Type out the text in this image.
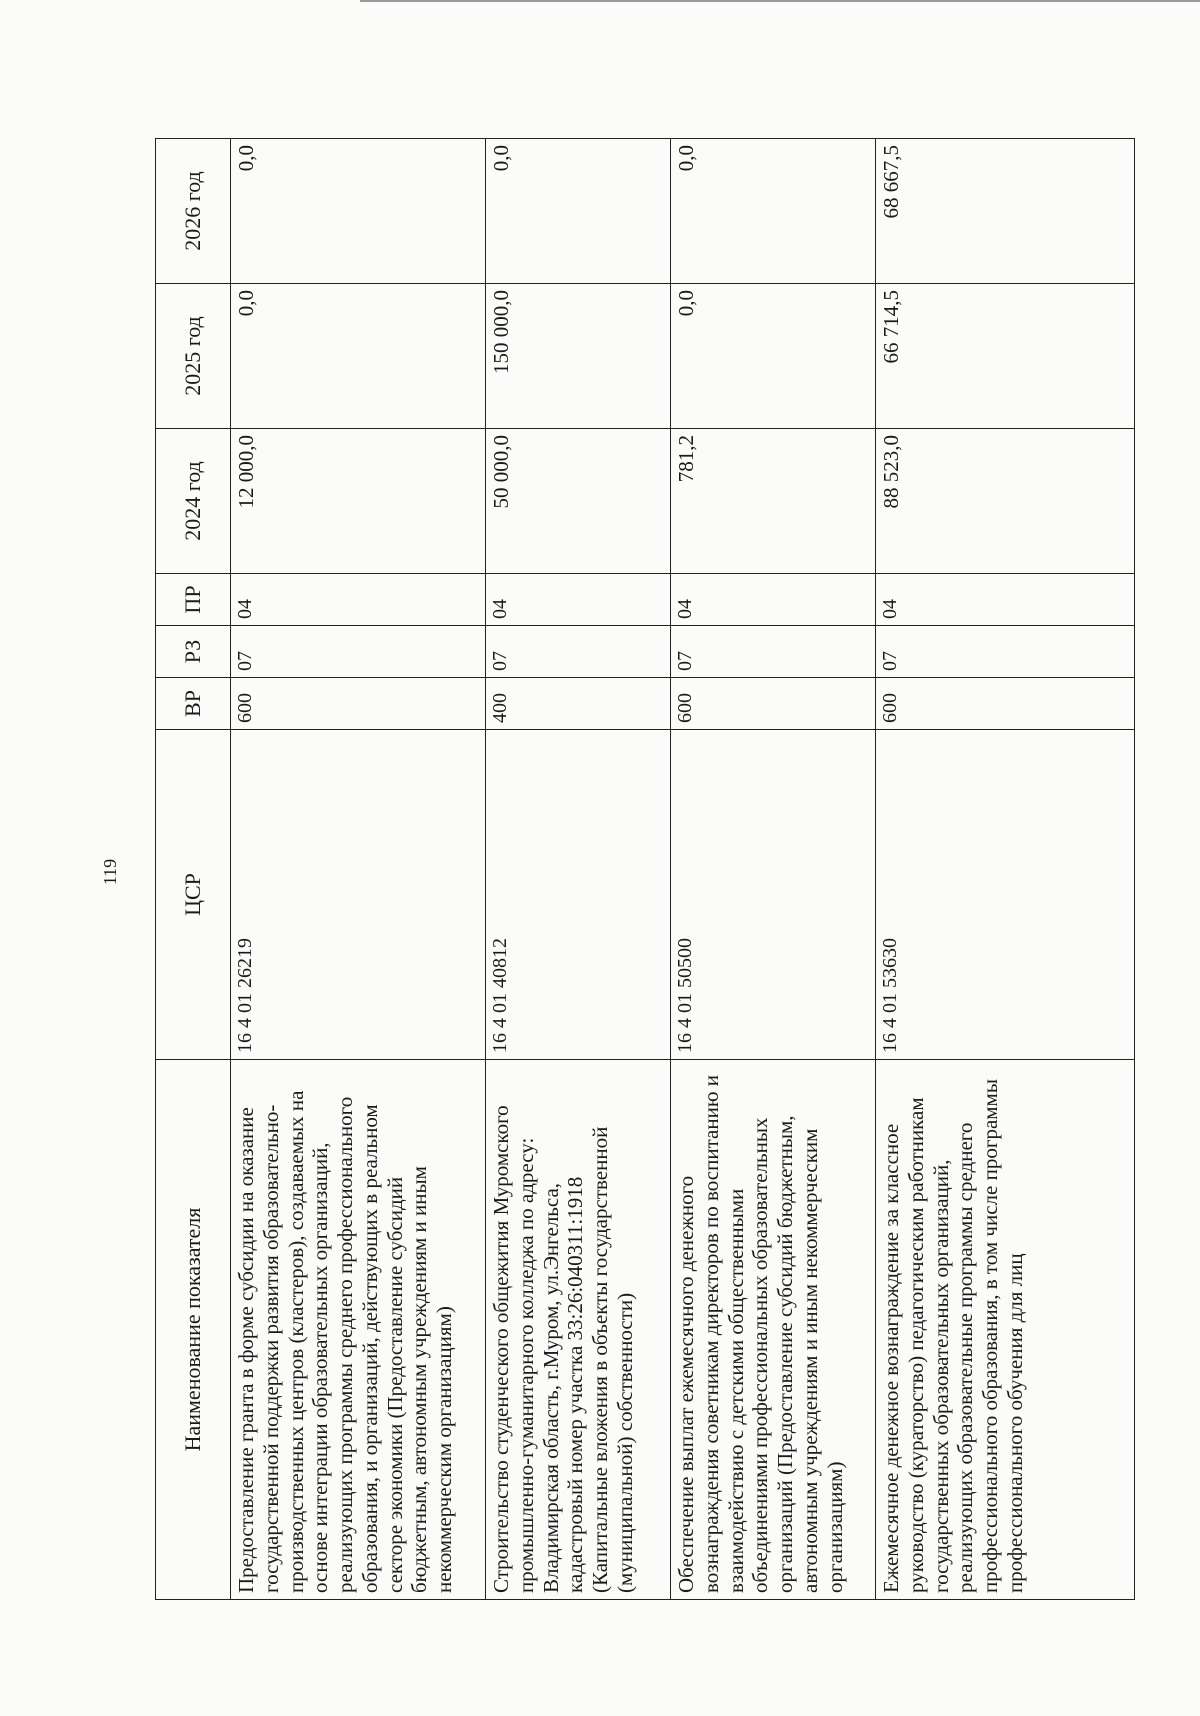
119
Наименование показателя	ЦСР	ВР	РЗ	ПР	2024 год	2025 год	2026 год
Предоставление гранта в форме субсидии на оказание государственной поддержки развития образовательно-производственных центров (кластеров), создаваемых на основе интеграции образовательных организаций, реализующих программы среднего профессионального образования, и организаций, действующих в реальном секторе экономики (Предоставление субсидий бюджетным, автономным учреждениям и иным некоммерческим организациям)	16 4 01 26219	600	07	04	12 000,0	0,0	0,0
Строительство студенческого общежития Муромского промышленно-гуманитарного колледжа по адресу: Владимирская область, г.Муром, ул.Энгельса, кадастровый номер участка 33:26:040311:1918 (Капитальные вложения в объекты государственной (муниципальной) собственности)	16 4 01 40812	400	07	04	50 000,0	150 000,0	0,0
Обеспечение выплат ежемесячного денежного вознаграждения советникам директоров по воспитанию и взаимодействию с детскими общественными объединениями профессиональных образовательных организаций (Предоставление субсидий бюджетным, автономным учреждениям и иным некоммерческим организациям)	16 4 01 50500	600	07	04	781,2	0,0	0,0
Ежемесячное денежное вознаграждение за классное руководство (кураторство) педагогическим работникам государственных образовательных организаций, реализующих образовательные программы среднего профессионального образования, в том числе программы профессионального обучения для лиц	16 4 01 53630	600	07	04	88 523,0	66 714,5	68 667,5
